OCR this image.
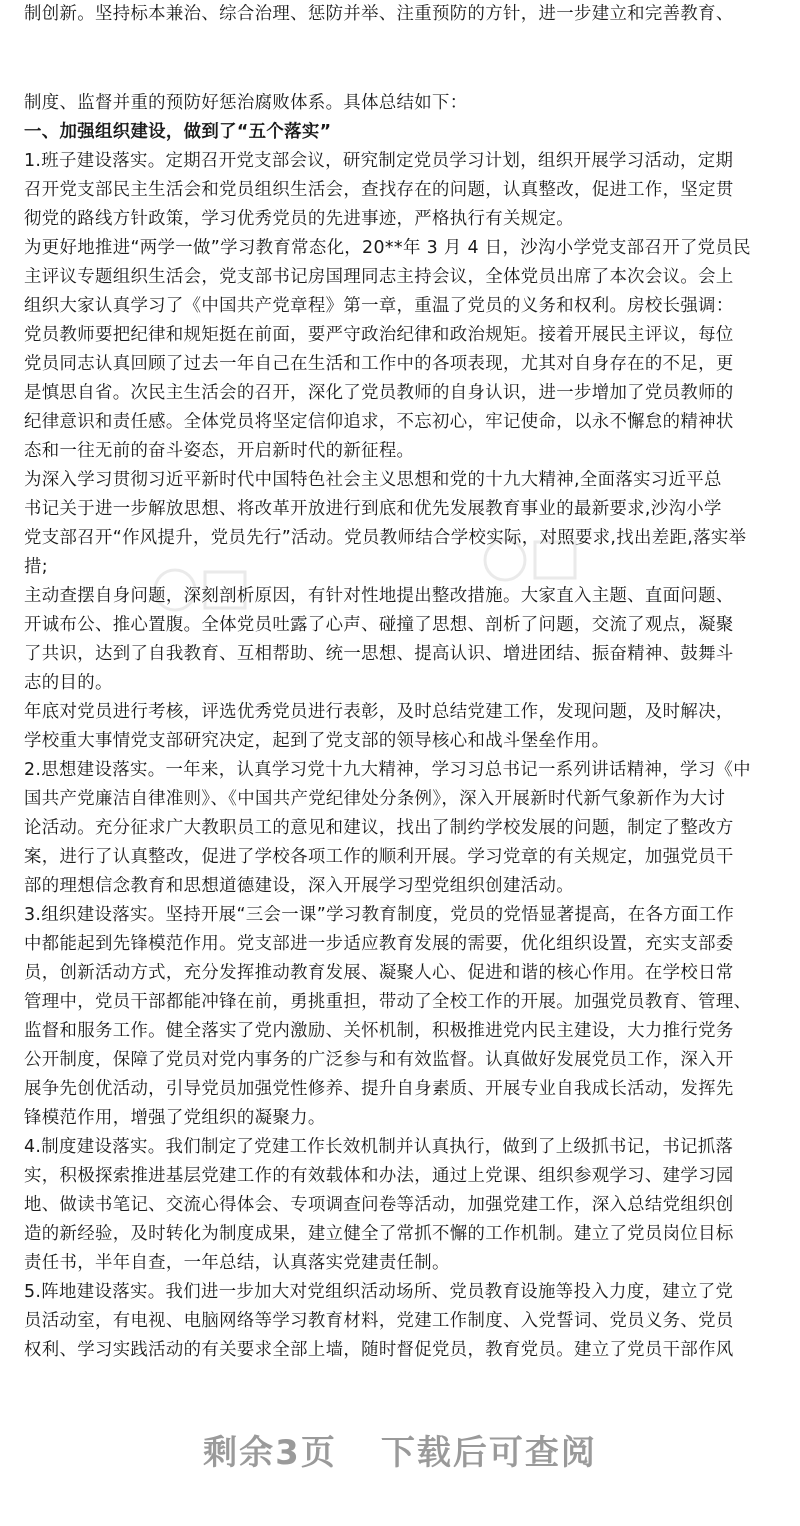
制创新。坚持标本兼治、综合治理、惩防并举、注重预防的方针，进一步建立和完善教育、
制度、监督并重的预防好惩治腐败体系。具体总结如下：
一、加强组织建设，做到了“五个落实”
1.班子建设落实。定期召开党支部会议，研究制定党员学习计划，组织开展学习活动，定期
召开党支部民主生活会和党员组织生活会，查找存在的问题，认真整改，促进工作，坚定贯
彻党的路线方针政策，学习优秀党员的先进事迹，严格执行有关规定。
为更好地推进“两学一做”学习教育常态化，20**年 3 月 4 日，沙沟小学党支部召开了党员民
主评议专题组织生活会，党支部书记房国理同志主持会议，全体党员出席了本次会议。会上
组织大家认真学习了《中国共产党章程》第一章，重温了党员的义务和权利。房校长强调：
党员教师要把纪律和规矩挺在前面，要严守政治纪律和政治规矩。接着开展民主评议，每位
党员同志认真回顾了过去一年自己在生活和工作中的各项表现，尤其对自身存在的不足，更
是慎思自省。次民主生活会的召开，深化了党员教师的自身认识，进一步增加了党员教师的
纪律意识和责任感。全体党员将坚定信仰追求，不忘初心，牢记使命，以永不懈怠的精神状
态和一往无前的奋斗姿态，开启新时代的新征程。
为深入学习贯彻习近平新时代中国特色社会主义思想和党的十九大精神,全面落实习近平总
书记关于进一步解放思想、将改革开放进行到底和优先发展教育事业的最新要求,沙沟小学
党支部召开“作风提升，党员先行”活动。党员教师结合学校实际，对照要求,找出差距,落实举
措;
主动查摆自身问题，深刻剖析原因，有针对性地提出整改措施。大家直入主题、直面问题、
开诚布公、推心置腹。全体党员吐露了心声、碰撞了思想、剖析了问题，交流了观点，凝聚
了共识，达到了自我教育、互相帮助、统一思想、提高认识、增进团结、振奋精神、鼓舞斗
志的目的。
年底对党员进行考核，评选优秀党员进行表彰，及时总结党建工作，发现问题，及时解决，
学校重大事情党支部研究决定，起到了党支部的领导核心和战斗堡垒作用。
2.思想建设落实。一年来，认真学习党十九大精神，学习习总书记一系列讲话精神，学习《中
国共产党廉洁自律准则》、《中国共产党纪律处分条例》，深入开展新时代新气象新作为大讨
论活动。充分征求广大教职员工的意见和建议，找出了制约学校发展的问题，制定了整改方
案，进行了认真整改，促进了学校各项工作的顺利开展。学习党章的有关规定，加强党员干
部的理想信念教育和思想道德建设，深入开展学习型党组织创建活动。
3.组织建设落实。坚持开展“三会一课”学习教育制度，党员的党悟显著提高，在各方面工作
中都能起到先锋模范作用。党支部进一步适应教育发展的需要，优化组织设置，充实支部委
员，创新活动方式，充分发挥推动教育发展、凝聚人心、促进和谐的核心作用。在学校日常
管理中，党员干部都能冲锋在前，勇挑重担，带动了全校工作的开展。加强党员教育、管理、
监督和服务工作。健全落实了党内激励、关怀机制，积极推进党内民主建设，大力推行党务
公开制度，保障了党员对党内事务的广泛参与和有效监督。认真做好发展党员工作，深入开
展争先创优活动，引导党员加强党性修养、提升自身素质、开展专业自我成长活动，发挥先
锋模范作用，增强了党组织的凝聚力。
4.制度建设落实。我们制定了党建工作长效机制并认真执行，做到了上级抓书记，书记抓落
实，积极探索推进基层党建工作的有效载体和办法，通过上党课、组织参观学习、建学习园
地、做读书笔记、交流心得体会、专项调查问卷等活动，加强党建工作，深入总结党组织创
造的新经验，及时转化为制度成果，建立健全了常抓不懈的工作机制。建立了党员岗位目标
责任书，半年自查，一年总结，认真落实党建责任制。
5.阵地建设落实。我们进一步加大对党组织活动场所、党员教育设施等投入力度，建立了党
员活动室，有电视、电脑网络等学习教育材料，党建工作制度、入党誓词、党员义务、党员
权利、学习实践活动的有关要求全部上墙，随时督促党员，教育党员。建立了党员干部作风
剩余3页 下载后可查阅
